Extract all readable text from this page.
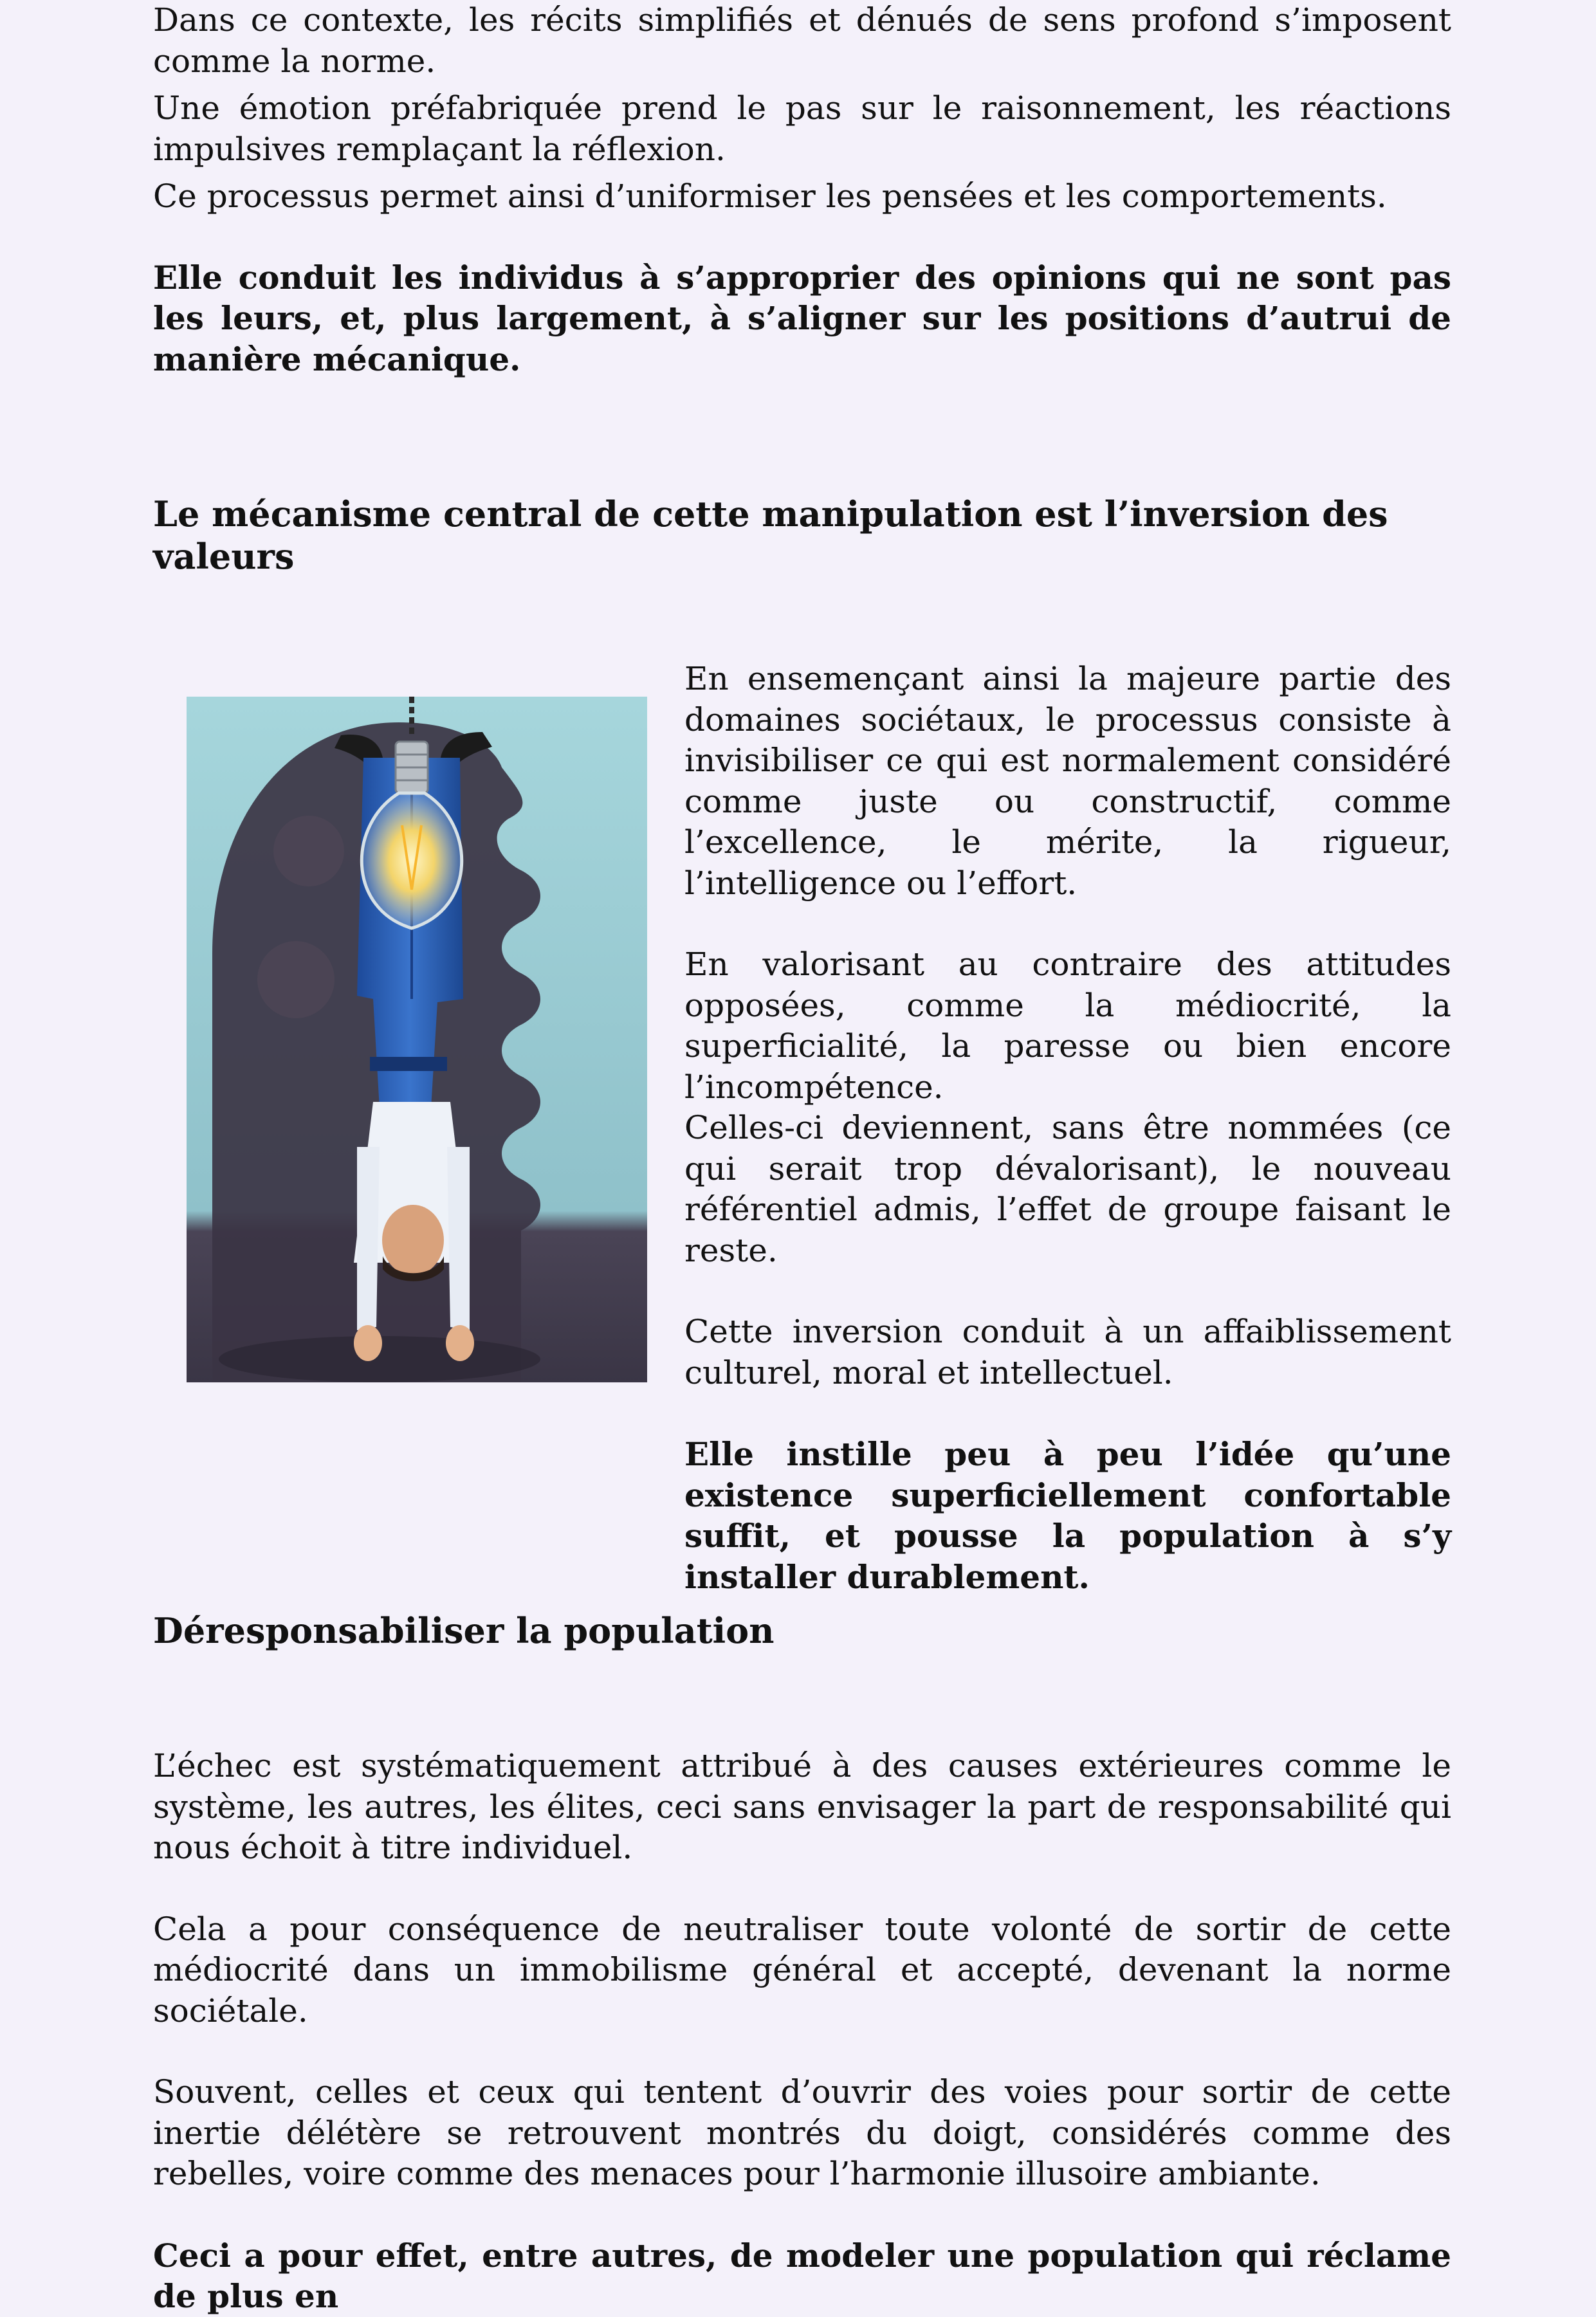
Dans ce contexte, les récits simplifiés et dénués de sens profond s’imposent comme la norme.

Une émotion préfabriquée prend le pas sur le raisonnement, les réactions impulsives remplaçant la réflexion.

Ce processus permet ainsi d’uniformiser les pensées et les comportements.

Elle conduit les individus à s’approprier des opinions qui ne sont pas les leurs, et, plus largement, à s’aligner sur les positions d’autrui de manière mécanique.

Le mécanisme central de cette manipulation est l’inversion des valeurs

En ensemençant ainsi la majeure partie des domaines sociétaux, le processus consiste à invisibiliser ce qui est normalement considéré comme juste ou constructif, comme l’excellence, le mérite, la rigueur, l’intelligence ou l’effort.

En valorisant au contraire des attitudes opposées, comme la médiocrité, la superficialité, la paresse ou bien encore l’incompétence.

Celles-ci deviennent, sans être nommées (ce qui serait trop dévalorisant), le nouveau référentiel admis, l’effet de groupe faisant le reste.

Cette inversion conduit à un affaiblissement culturel, moral et intellectuel.

Elle instille peu à peu l’idée qu’une existence superficiellement confortable suffit, et pousse la population à s’y installer durablement.

Déresponsabiliser la population

L’échec est systématiquement attribué à des causes extérieures comme le système, les autres, les élites, ceci sans envisager la part de responsabilité qui nous échoit à titre individuel.

Cela a pour conséquence de neutraliser toute volonté de sortir de cette médiocrité dans un immobilisme général et accepté, devenant la norme sociétale.

Souvent, celles et ceux qui tentent d’ouvrir des voies pour sortir de cette inertie délétère se retrouvent montrés du doigt, considérés comme des rebelles, voire comme des menaces pour l’harmonie illusoire ambiante.

Ceci a pour effet, entre autres, de modeler une population qui réclame de plus en
